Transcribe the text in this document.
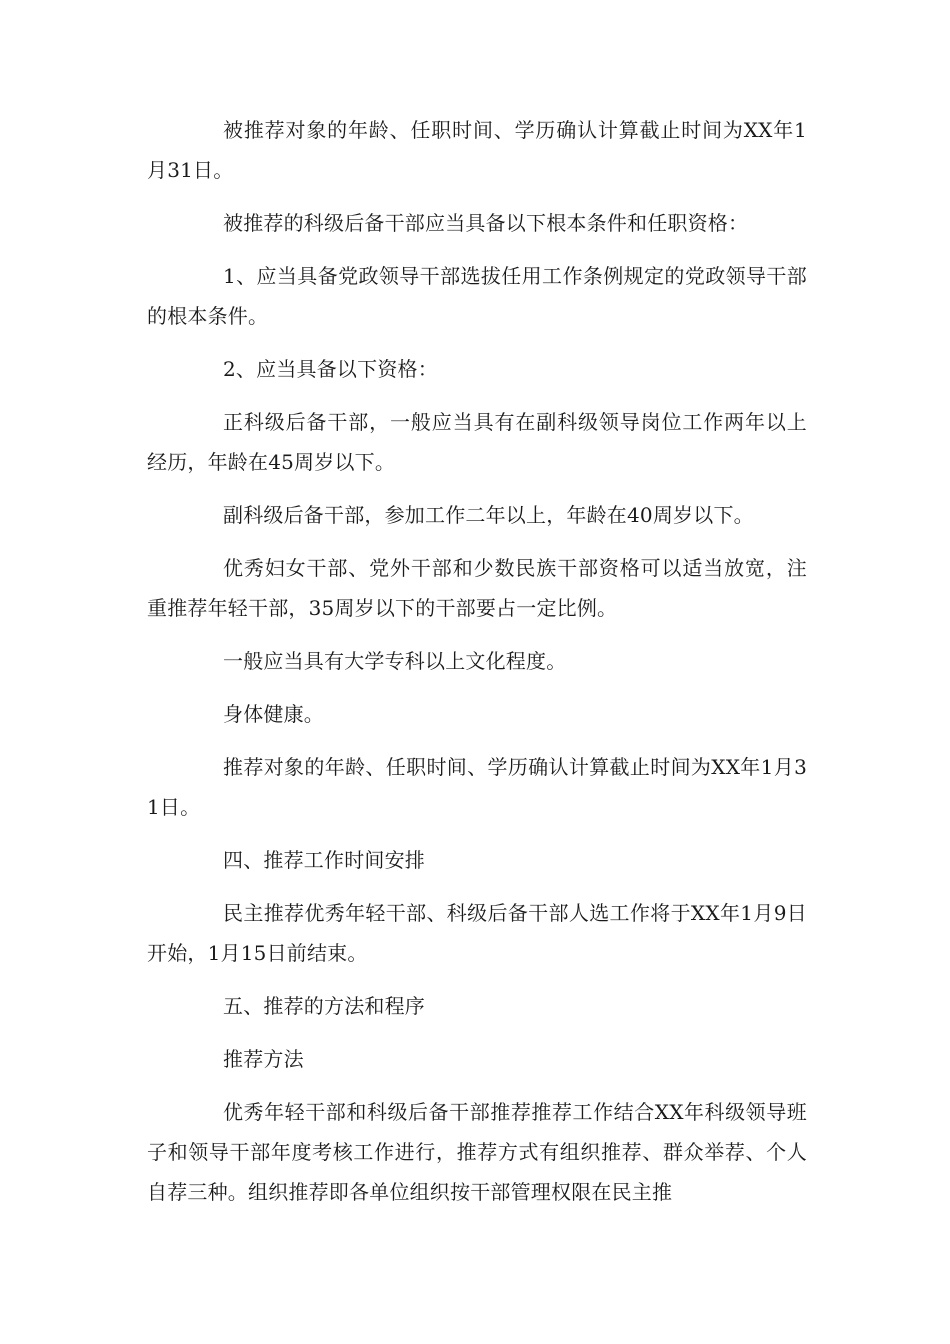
被推荐对象的年龄、任职时间、学历确认计算截止时间为XX年1月31日。

被推荐的科级后备干部应当具备以下根本条件和任职资格：

1、应当具备党政领导干部选拔任用工作条例规定的党政领导干部的根本条件。

2、应当具备以下资格：

正科级后备干部，一般应当具有在副科级领导岗位工作两年以上经历，年龄在45周岁以下。

副科级后备干部，参加工作二年以上，年龄在40周岁以下。

优秀妇女干部、党外干部和少数民族干部资格可以适当放宽，注重推荐年轻干部，35周岁以下的干部要占一定比例。

一般应当具有大学专科以上文化程度。

身体健康。

推荐对象的年龄、任职时间、学历确认计算截止时间为XX年1月31日。

四、推荐工作时间安排

民主推荐优秀年轻干部、科级后备干部人选工作将于XX年1月9日开始，1月15日前结束。

五、推荐的方法和程序

推荐方法

优秀年轻干部和科级后备干部推荐推荐工作结合XX年科级领导班子和领导干部年度考核工作进行，推荐方式有组织推荐、群众举荐、个人自荐三种。组织推荐即各单位组织按干部管理权限在民主推
